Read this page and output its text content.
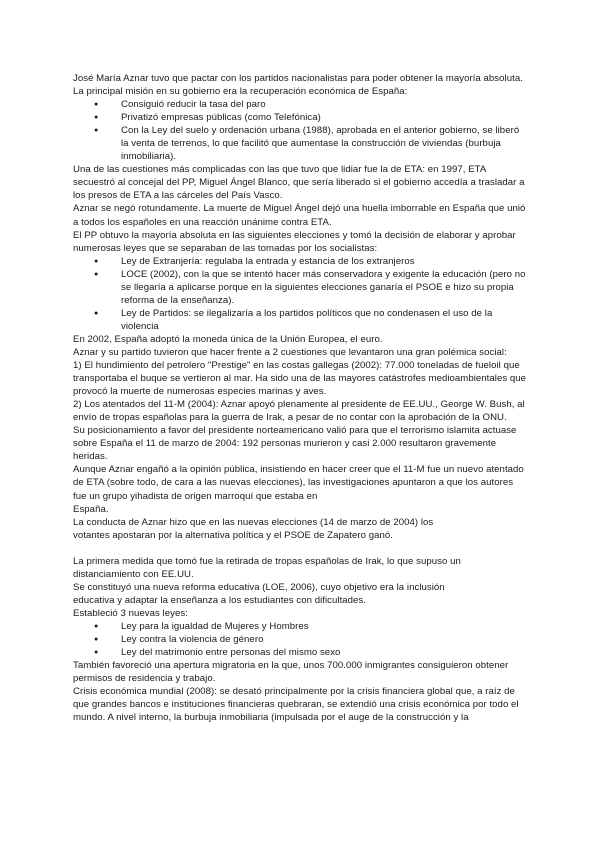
José María Aznar tuvo que pactar con los partidos nacionalistas para poder obtener la mayoría absoluta.

La principal misión en su gobierno era la recuperación económica de España:

● Consiguió reducir la tasa del paro
● Privatizó empresas públicas (como Telefónica)
● Con la Ley del suelo y ordenación urbana (1988), aprobada en el anterior gobierno, se liberó la venta de terrenos, lo que facilitó que aumentase la construcción de viviendas (burbuja inmobiliaria).

Una de las cuestiones más complicadas con las que tuvo que lidiar fue la de ETA: en 1997, ETA secuestró al concejal del PP, Miguel Ángel Blanco, que sería liberado si el gobierno accedía a trasladar a los presos de ETA a las cárceles del País Vasco.

Aznar se negó rotundamente. La muerte de Miguel Ángel dejó una huella imborrable en España que unió a todos los españoles en una reacción unánime contra ETA.

El PP obtuvo la mayoría absoluta en las siguientes elecciones y tomó la decisión de elaborar y aprobar numerosas leyes que se separaban de las tomadas por los socialistas:

● Ley de Extranjería: regulaba la entrada y estancia de los extranjeros
● LOCE (2002), con la que se intentó hacer más conservadora y exigente la educación (pero no se llegaría a aplicarse porque en la siguientes elecciones ganaría el PSOE e hizo su propia reforma de la enseñanza).
● Ley de Partidos: se ilegalizaría a los partidos políticos que no condenasen el uso de la violencia

En 2002, España adoptó la moneda única de la Unión Europea, el euro.

Aznar y su partido tuvieron que hacer frente a 2 cuestiones que levantaron una gran polémica social:

1) El hundimiento del petrolero "Prestige" en las costas gallegas (2002): 77.000 toneladas de fueloil que transportaba el buque se vertieron al mar. Ha sido una de las mayores catástrofes medioambientales que provocó la muerte de numerosas especies marinas y aves.

2) Los atentados del 11-M (2004): Aznar apoyó plenamente al presidente de EE.UU., George W. Bush, al envío de tropas españolas para la guerra de Irak, a pesar de no contar con la aprobación de la ONU.

Su posicionamiento a favor del presidente norteamericano valió para que el terrorismo islamita actuase sobre España el 11 de marzo de 2004: 192 personas murieron y casi 2.000 resultaron gravemente heridas.

Aunque Aznar engañó a la opinión pública, insistiendo en hacer creer que el 11-M fue un nuevo atentado de ETA (sobre todo, de cara a las nuevas elecciones), las investigaciones apuntaron a que los autores fue un grupo yihadista de origen marroquí que estaba en

España.

La conducta de Aznar hizo que en las nuevas elecciones (14 de marzo de 2004) los

votantes apostaran por la alternativa política y el PSOE de Zapatero ganó.

La primera medida que tomó fue la retirada de tropas españolas de Irak, lo que supuso un distanciamiento con EE.UU.

Se constituyó una nueva reforma educativa (LOE, 2006), cuyo objetivo era la inclusión

educativa y adaptar la enseñanza a los estudiantes con dificultades.

Estableció 3 nuevas leyes:

● Ley para la igualdad de Mujeres y Hombres
● Ley contra la violencia de género
● Ley del matrimonio entre personas del mismo sexo

También favoreció una apertura migratoria en la que, unos 700.000 inmigrantes consiguieron obtener permisos de residencia y trabajo.

Crisis económica mundial (2008): se desató principalmente por la crisis financiera global que, a raíz de que grandes bancos e instituciones financieras quebraran, se extendió una crisis económica por todo el mundo. A nivel interno, la burbuja inmobiliaria (impulsada por el auge de la construcción y la
